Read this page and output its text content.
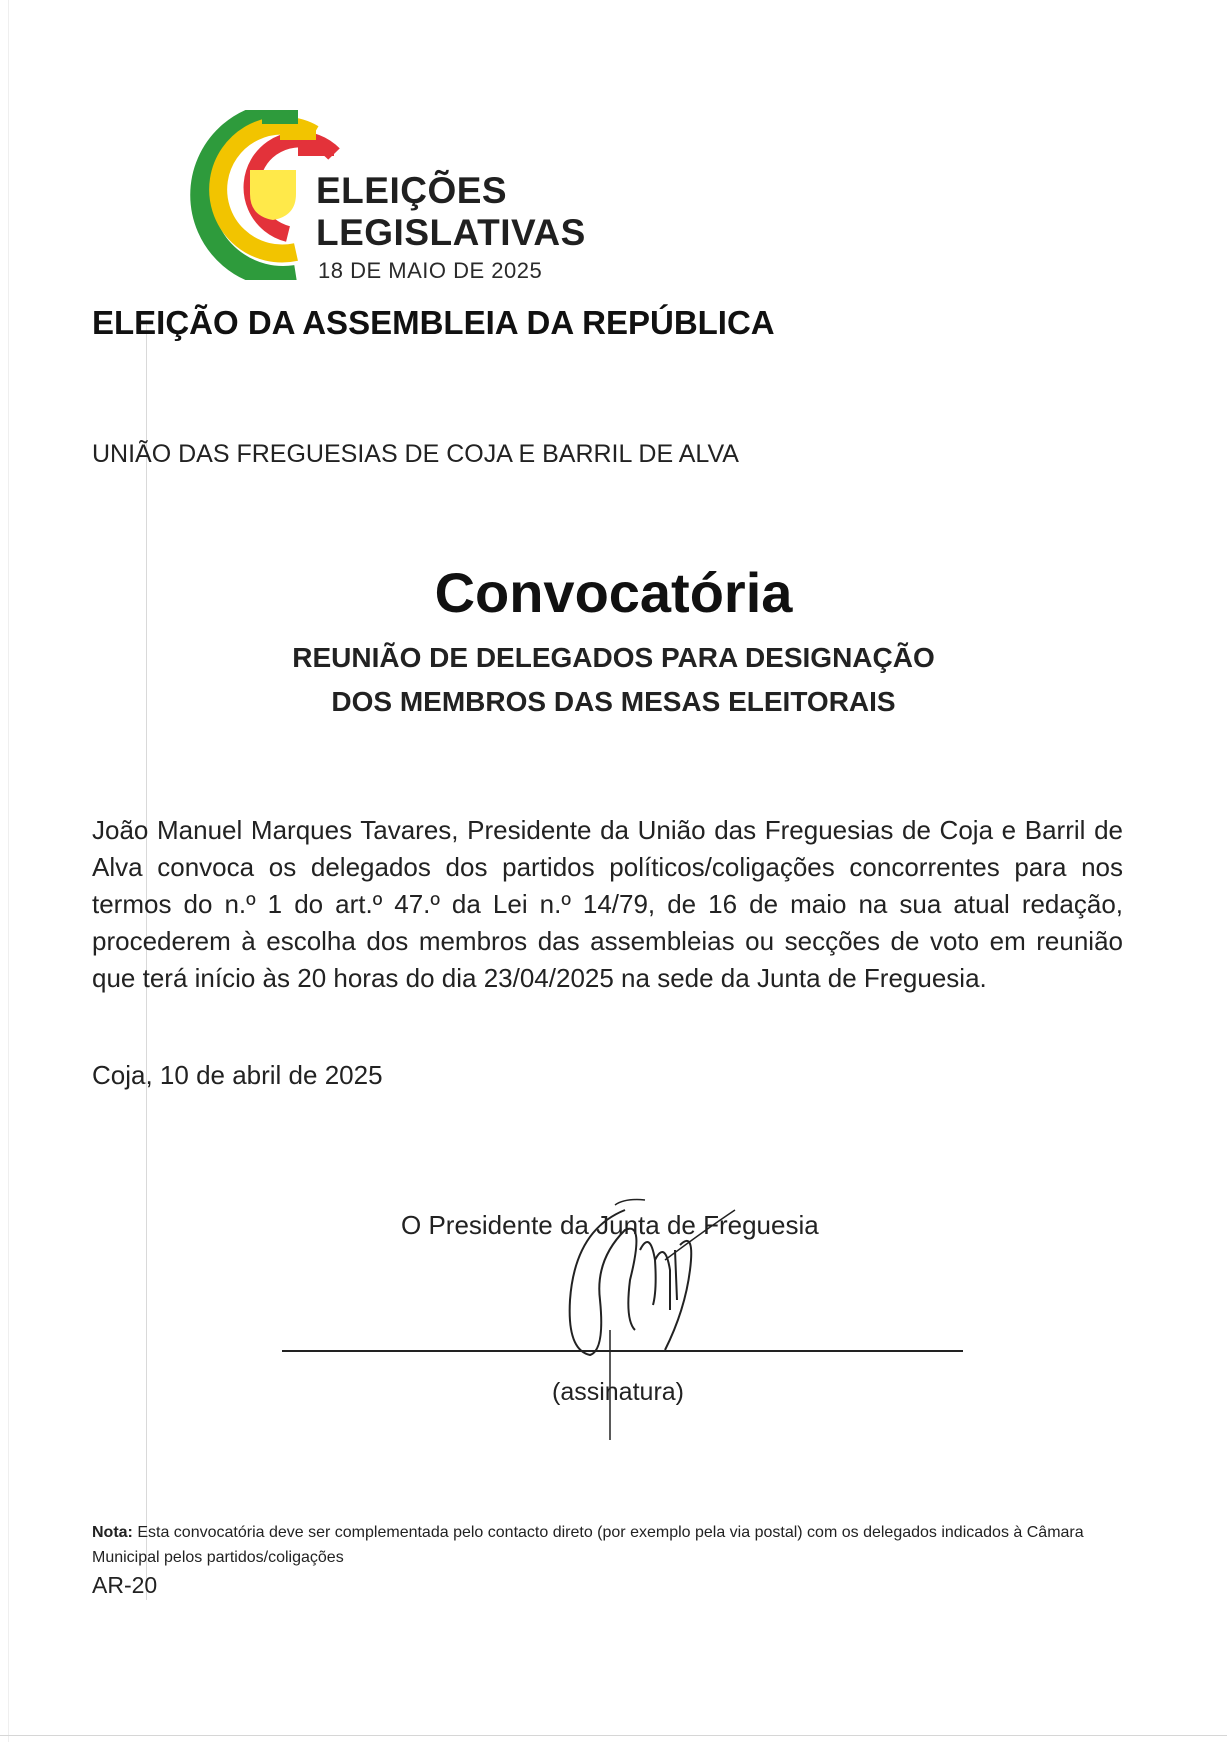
ELEIÇÕES
LEGISLATIVAS
18 DE MAIO DE 2025
ELEIÇÃO DA ASSEMBLEIA DA REPÚBLICA
UNIÃO DAS FREGUESIAS DE COJA E BARRIL DE ALVA
Convocatória
REUNIÃO DE DELEGADOS PARA DESIGNAÇÃO
DOS MEMBROS DAS MESAS ELEITORAIS
João Manuel Marques Tavares, Presidente da União das Freguesias de Coja e Barril de Alva convoca os delegados dos partidos políticos/coligações concorrentes para nos termos do n.º 1 do art.º 47.º da Lei n.º 14/79, de 16 de maio na sua atual redação, procederem à escolha dos membros das assembleias ou secções de voto em reunião que terá início às 20 horas do dia 23/04/2025 na sede da Junta de Freguesia.
Coja, 10 de abril de 2025
O Presidente da Junta de Freguesia
(assinatura)
Nota: Esta convocatória deve ser complementada pelo contacto direto (por exemplo pela via postal) com os delegados indicados à Câmara Municipal pelos partidos/coligações
AR-20
